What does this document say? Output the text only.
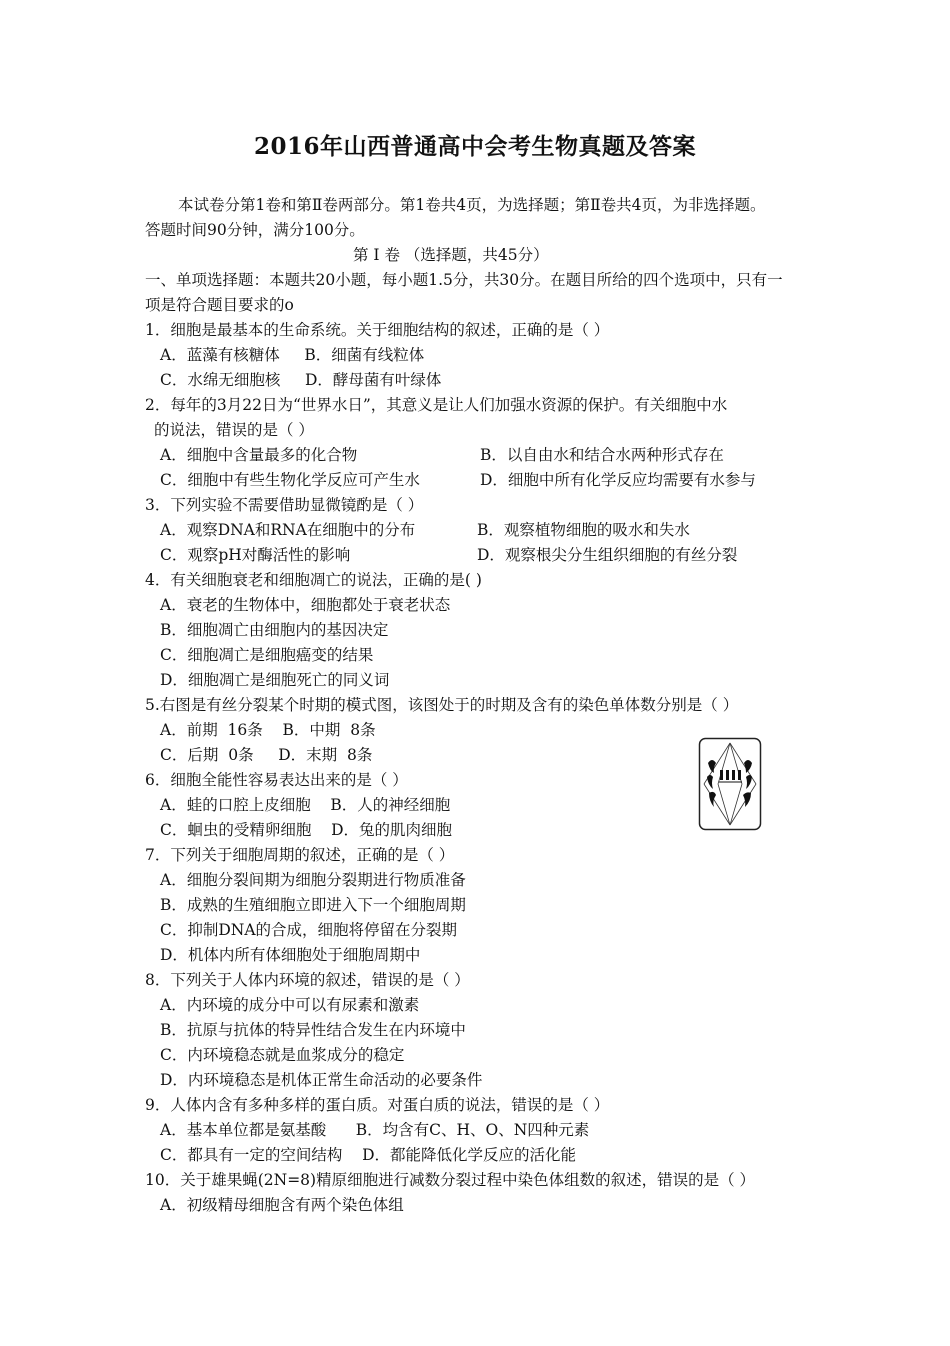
2016年山西普通高中会考生物真题及答案
本试卷分第1卷和第Ⅱ卷两部分。第1卷共4页，为选择题；第Ⅱ卷共4页，为非选择题。
答题时间90分钟，满分100分。
第 I 卷 （选择题，共45分）
一、单项选择题：本题共20小题，每小题1.5分，共30分。在题目所给的四个选项中，只有一
项是符合题目要求的o
1．细胞是最基本的生命系统。关于细胞结构的叙述，正确的是（ ）
A．蓝藻有核糖体     B．细菌有线粒体
C．水绵无细胞核     D．酵母菌有叶绿体
2．每年的3月22日为“世界水日”，其意义是让人们加强水资源的保护。有关细胞中水
的说法，错误的是（ ）
A．细胞中含量最多的化合物	B．以自由水和结合水两种形式存在
C．细胞中有些生物化学反应可产生水	D．细胞中所有化学反应均需要有水参与
3．下列实验不需要借助显微镜酌是（ ）
A．观察DNA和RNA在细胞中的分布	B．观察植物细胞的吸水和失水
C．观察pH对酶活性的影响	D．观察根尖分生组织细胞的有丝分裂
4．有关细胞衰老和细胞凋亡的说法，正确的是( )
A．衰老的生物体中，细胞都处于衰老状态
B．细胞凋亡由细胞内的基因决定
C．细胞凋亡是细胞癌变的结果
D．细胞凋亡是细胞死亡的同义词
5.右图是有丝分裂某个时期的模式图，该图处于的时期及含有的染色单体数分别是（ ）
A．前期  16条    B．中期  8条
C．后期  0条     D．末期  8条
6．细胞全能性容易表达出来的是（ ）
A．蛙的口腔上皮细胞    B．人的神经细胞
C．蛔虫的受精卵细胞    D．兔的肌肉细胞
7．下列关于细胞周期的叙述，正确的是（ ）
A．细胞分裂间期为细胞分裂期进行物质准备
B．成熟的生殖细胞立即进入下一个细胞周期
C．抑制DNA的合成，细胞将停留在分裂期
D．机体内所有体细胞处于细胞周期中
8．下列关于人体内环境的叙述，错误的是（ ）
A．内环境的成分中可以有尿素和激素
B．抗原与抗体的特异性结合发生在内环境中
C．内环境稳态就是血浆成分的稳定
D．内环境稳态是机体正常生命活动的必要条件
9．人体内含有多种多样的蛋白质。对蛋白质的说法，错误的是（ ）
A．基本单位都是氨基酸      B．均含有C、H、O、N四种元素
C．都具有一定的空间结构    D．都能降低化学反应的活化能
10．关于雄果蝇(2N=8)精原细胞进行减数分裂过程中染色体组数的叙述，错误的是（ ）
A．初级精母细胞含有两个染色体组
